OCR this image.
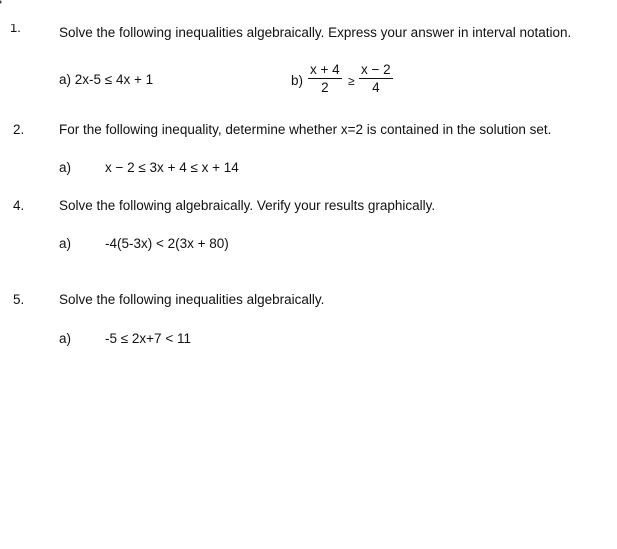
1.	Solve the following inequalities algebraically. Express your answer in interval notation.
a) 2x-5 ≤ 4x + 1	b)
x + 4
2	≥
x − 2
4
2.	For the following inequality, determine whether x=2 is contained in the solution set.
a)	x − 2 ≤ 3x + 4 ≤ x + 14
4.	Solve the following algebraically. Verify your results graphically.
a)	-4(5-3x) < 2(3x + 80)
5.	Solve the following inequalities algebraically.
a)	-5 ≤ 2x+7 < 11
